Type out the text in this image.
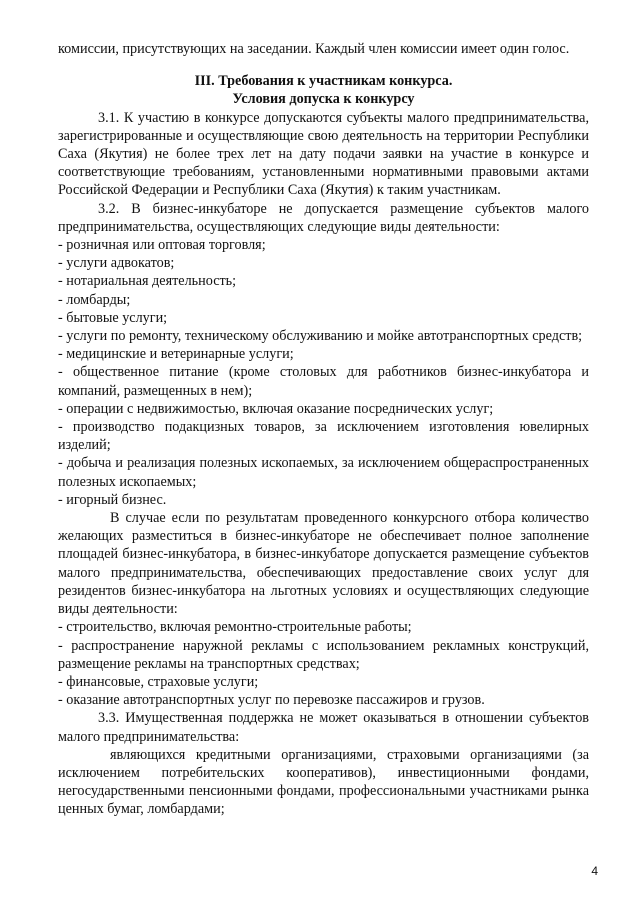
комиссии, присутствующих на заседании. Каждый член комиссии имеет один голос.

III. Требования к участникам конкурса.

Условия допуска к конкурсу

3.1. К участию в конкурсе допускаются субъекты малого предпринимательства, зарегистрированные и осуществляющие свою деятельность на территории Республики Саха (Якутия) не более трех лет на дату подачи заявки на участие в конкурсе и соответствующие требованиям, установленными нормативными правовыми актами Российской Федерации и Республики Саха (Якутия) к таким участникам.

3.2. В бизнес-инкубаторе не допускается размещение субъектов малого предпринимательства, осуществляющих следующие виды деятельности:

- розничная или оптовая торговля;

- услуги адвокатов;

- нотариальная деятельность;

- ломбарды;

- бытовые услуги;

- услуги по ремонту, техническому обслуживанию и мойке автотранспортных средств;

- медицинские и ветеринарные услуги;

- общественное питание (кроме столовых для работников бизнес-инкубатора и компаний, размещенных в нем);

- операции с недвижимостью, включая оказание посреднических услуг;

- производство подакцизных товаров, за исключением изготовления ювелирных изделий;

- добыча и реализация полезных ископаемых, за исключением общераспространенных полезных ископаемых;

- игорный бизнес.

В случае если по результатам проведенного конкурсного отбора количество желающих разместиться в бизнес-инкубаторе не обеспечивает полное заполнение площадей бизнес-инкубатора, в бизнес-инкубаторе допускается размещение субъектов малого предпринимательства, обеспечивающих предоставление своих услуг для резидентов бизнес-инкубатора на льготных условиях и осуществляющих следующие виды деятельности:

- строительство, включая ремонтно-строительные работы;

- распространение наружной рекламы с использованием рекламных конструкций, размещение рекламы на транспортных средствах;

- финансовые, страховые услуги;

- оказание автотранспортных услуг по перевозке пассажиров и грузов.

3.3. Имущественная поддержка не может оказываться в отношении субъектов малого предпринимательства:

являющихся кредитными организациями, страховыми организациями (за исключением потребительских кооперативов), инвестиционными фондами, негосударственными пенсионными фондами, профессиональными участниками рынка ценных бумаг, ломбардами;

4
